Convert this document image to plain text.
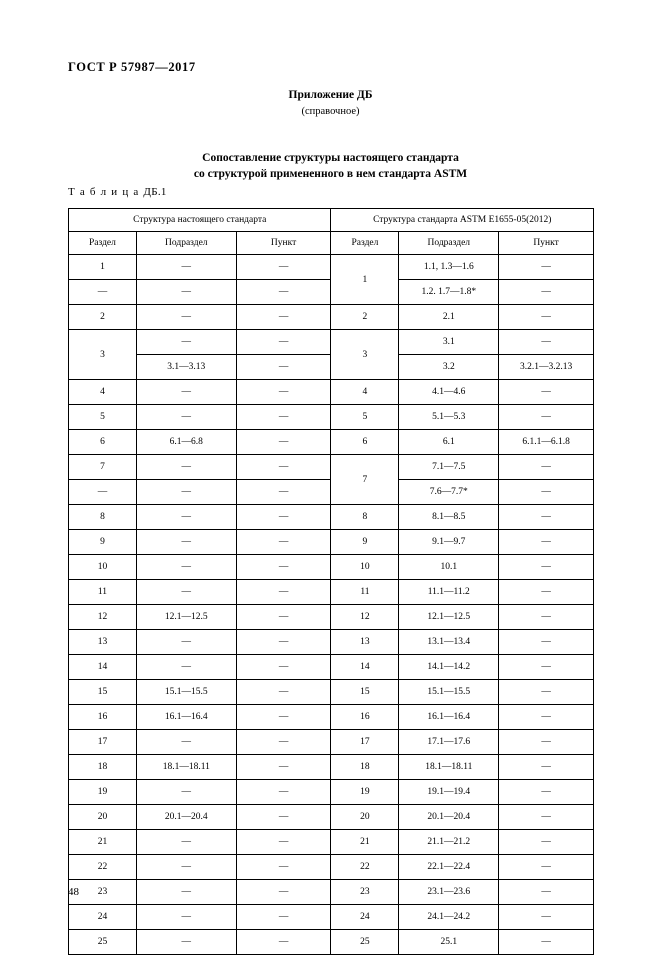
ГОСТ Р 57987—2017
Приложение ДБ
(справочное)
Сопоставление структуры настоящего стандарта
со структурой примененного в нем стандарта ASTM
Т а б л и ц а ДБ.1
Структура настоящего стандарта			Структура стандарта ASTM E1655-05(2012)		
Раздел	Подраздел	Пункт	Раздел	Подраздел	Пункт
1	—	—	1	1.1, 1.3—1.6	—
—	—	—		1.2. 1.7—1.8*	—
2	—	—	2	2.1	—
3	—	—	3	3.1	—
	3.1—3.13	—		3.2	3.2.1—3.2.13
4	—	—	4	4.1—4.6	—
5	—	—	5	5.1—5.3	—
6	6.1—6.8	—	6	6.1	6.1.1—6.1.8
7	—	—	7	7.1—7.5	—
—	—	—		7.6—7.7*	—
8	—	—	8	8.1—8.5	—
9	—	—	9	9.1—9.7	—
10	—	—	10	10.1	—
11	—	—	11	11.1—11.2	—
12	12.1—12.5	—	12	12.1—12.5	—
13	—	—	13	13.1—13.4	—
14	—	—	14	14.1—14.2	—
15	15.1—15.5	—	15	15.1—15.5	—
16	16.1—16.4	—	16	16.1—16.4	—
17	—	—	17	17.1—17.6	—
18	18.1—18.11	—	18	18.1—18.11	—
19	—	—	19	19.1—19.4	—
20	20.1—20.4	—	20	20.1—20.4	—
21	—	—	21	21.1—21.2	—
22	—	—	22	22.1—22.4	—
23	—	—	23	23.1—23.6	—
24	—	—	24	24.1—24.2	—
25	—	—	25	25.1	—
48
